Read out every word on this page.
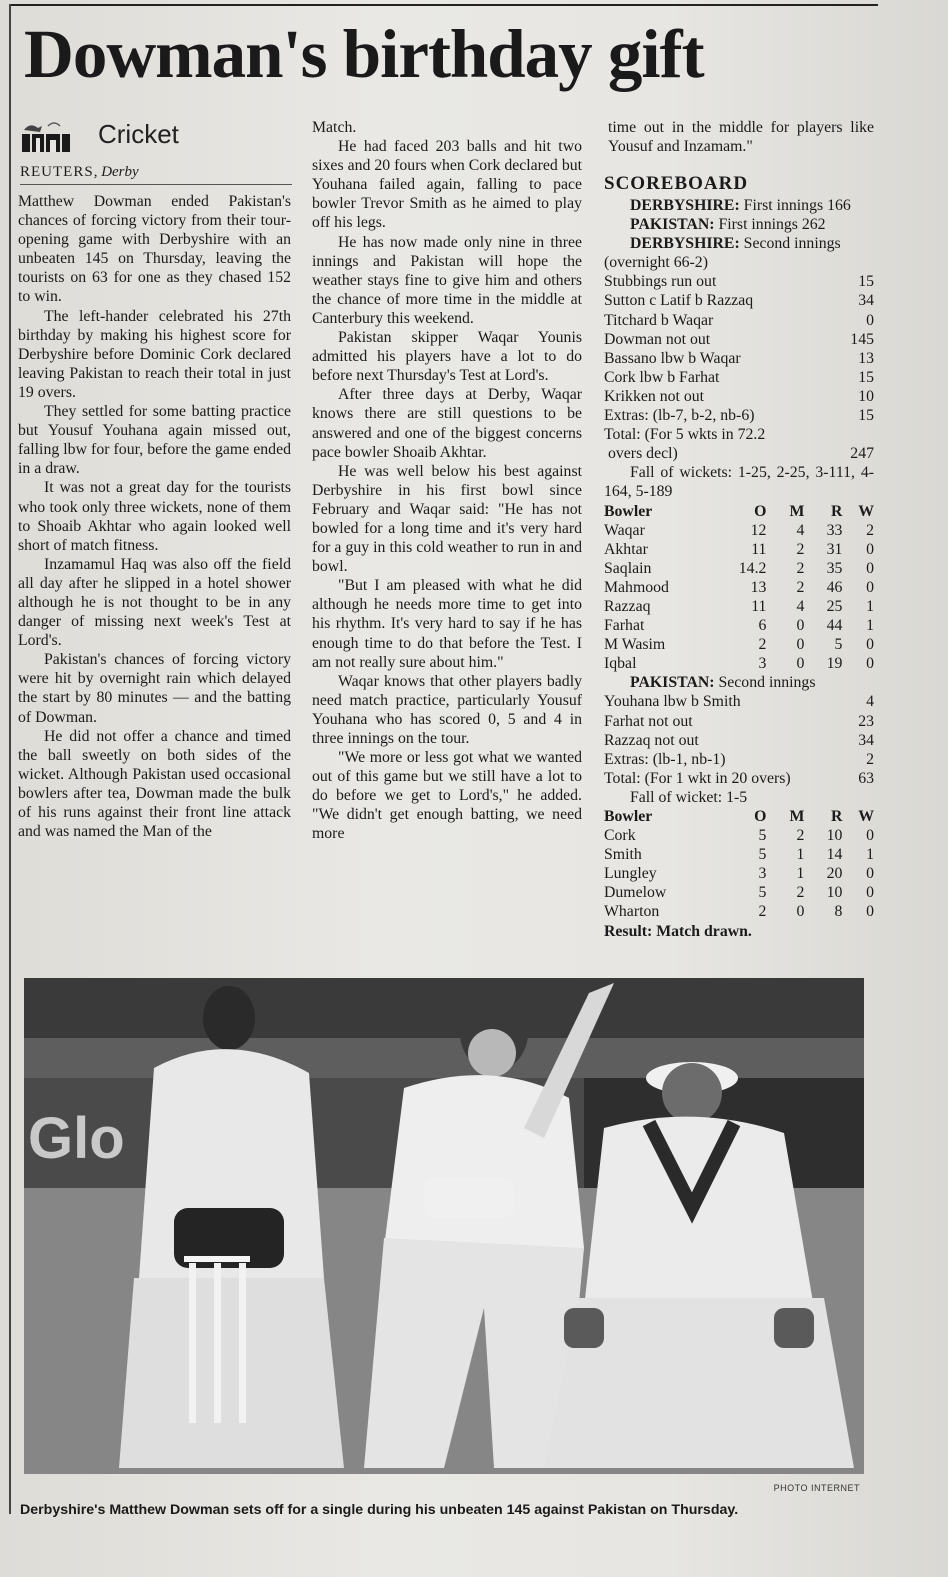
Dowman's birthday gift
Cricket
REUTERS, Derby

Matthew Dowman ended Pakistan's chances of forcing victory from their tour-opening game with Derbyshire with an unbeaten 145 on Thursday, leaving the tourists on 63 for one as they chased 152 to win.

The left-hander celebrated his 27th birthday by making his highest score for Derbyshire before Dominic Cork declared leaving Pakistan to reach their total in just 19 overs.

They settled for some batting practice but Yousuf Youhana again missed out, falling lbw for four, before the game ended in a draw.

It was not a great day for the tourists who took only three wickets, none of them to Shoaib Akhtar who again looked well short of match fitness.

Inzamamul Haq was also off the field all day after he slipped in a hotel shower although he is not thought to be in any danger of missing next week's Test at Lord's.

Pakistan's chances of forcing victory were hit by overnight rain which delayed the start by 80 minutes — and the batting of Dowman.

He did not offer a chance and timed the ball sweetly on both sides of the wicket. Although Pakistan used occasional bowlers after tea, Dowman made the bulk of his runs against their front line attack and was named the Man of the

Match.

He had faced 203 balls and hit two sixes and 20 fours when Cork declared but Youhana failed again, falling to pace bowler Trevor Smith as he aimed to play off his legs.

He has now made only nine in three innings and Pakistan will hope the weather stays fine to give him and others the chance of more time in the middle at Canterbury this weekend.

Pakistan skipper Waqar Younis admitted his players have a lot to do before next Thursday's Test at Lord's.

After three days at Derby, Waqar knows there are still questions to be answered and one of the biggest concerns pace bowler Shoaib Akhtar.

He was well below his best against Derbyshire in his first bowl since February and Waqar said: "He has not bowled for a long time and it's very hard for a guy in this cold weather to run in and bowl.

"But I am pleased with what he did although he needs more time to get into his rhythm. It's very hard to say if he has enough time to do that before the Test. I am not really sure about him."

Waqar knows that other players badly need match practice, particularly Yousuf Youhana who has scored 0, 5 and 4 in three innings on the tour.

"We more or less got what we wanted out of this game but we still have a lot to do before we get to Lord's," he added. "We didn't get enough batting, we need more

time out in the middle for players like Yousuf and Inzamam."

SCOREBOARD
DERBYSHIRE: First innings 166
PAKISTAN: First innings 262
DERBYSHIRE: Second innings
(overnight 66-2)
Stubbings run out	15
Sutton c Latif b Razzaq	34
Titchard b Waqar	0
Dowman not out	145
Bassano lbw b Waqar	13
Cork lbw b Farhat	15
Krikken not out	10
Extras: (lb-7, b-2, nb-6)	15
Total: (For 5 wkts in 72.2
overs decl)	247
Fall of wickets: 1-25, 2-25, 3-111, 4-164, 5-189
Bowler	O	M	R	W
Waqar	12	4	33	2
Akhtar	11	2	31	0
Saqlain	14.2	2	35	0
Mahmood	13	2	46	0
Razzaq	11	4	25	1
Farhat	6	0	44	1
M Wasim	2	0	5	0
Iqbal	3	0	19	0
PAKISTAN: Second innings
Youhana lbw b Smith	4
Farhat not out	23
Razzaq not out	34
Extras: (lb-1, nb-1)	2
Total: (For 1 wkt in 20 overs)	63
Fall of wicket: 1-5
Bowler	O	M	R	W
Cork	5	2	10	0
Smith	5	1	14	1
Lungley	3	1	20	0
Dumelow	5	2	10	0
Wharton	2	0	8	0
Result: Match drawn.
Glo
PHOTO INTERNET
Derbyshire's Matthew Dowman sets off for a single during his unbeaten 145 against Pakistan on Thursday.
